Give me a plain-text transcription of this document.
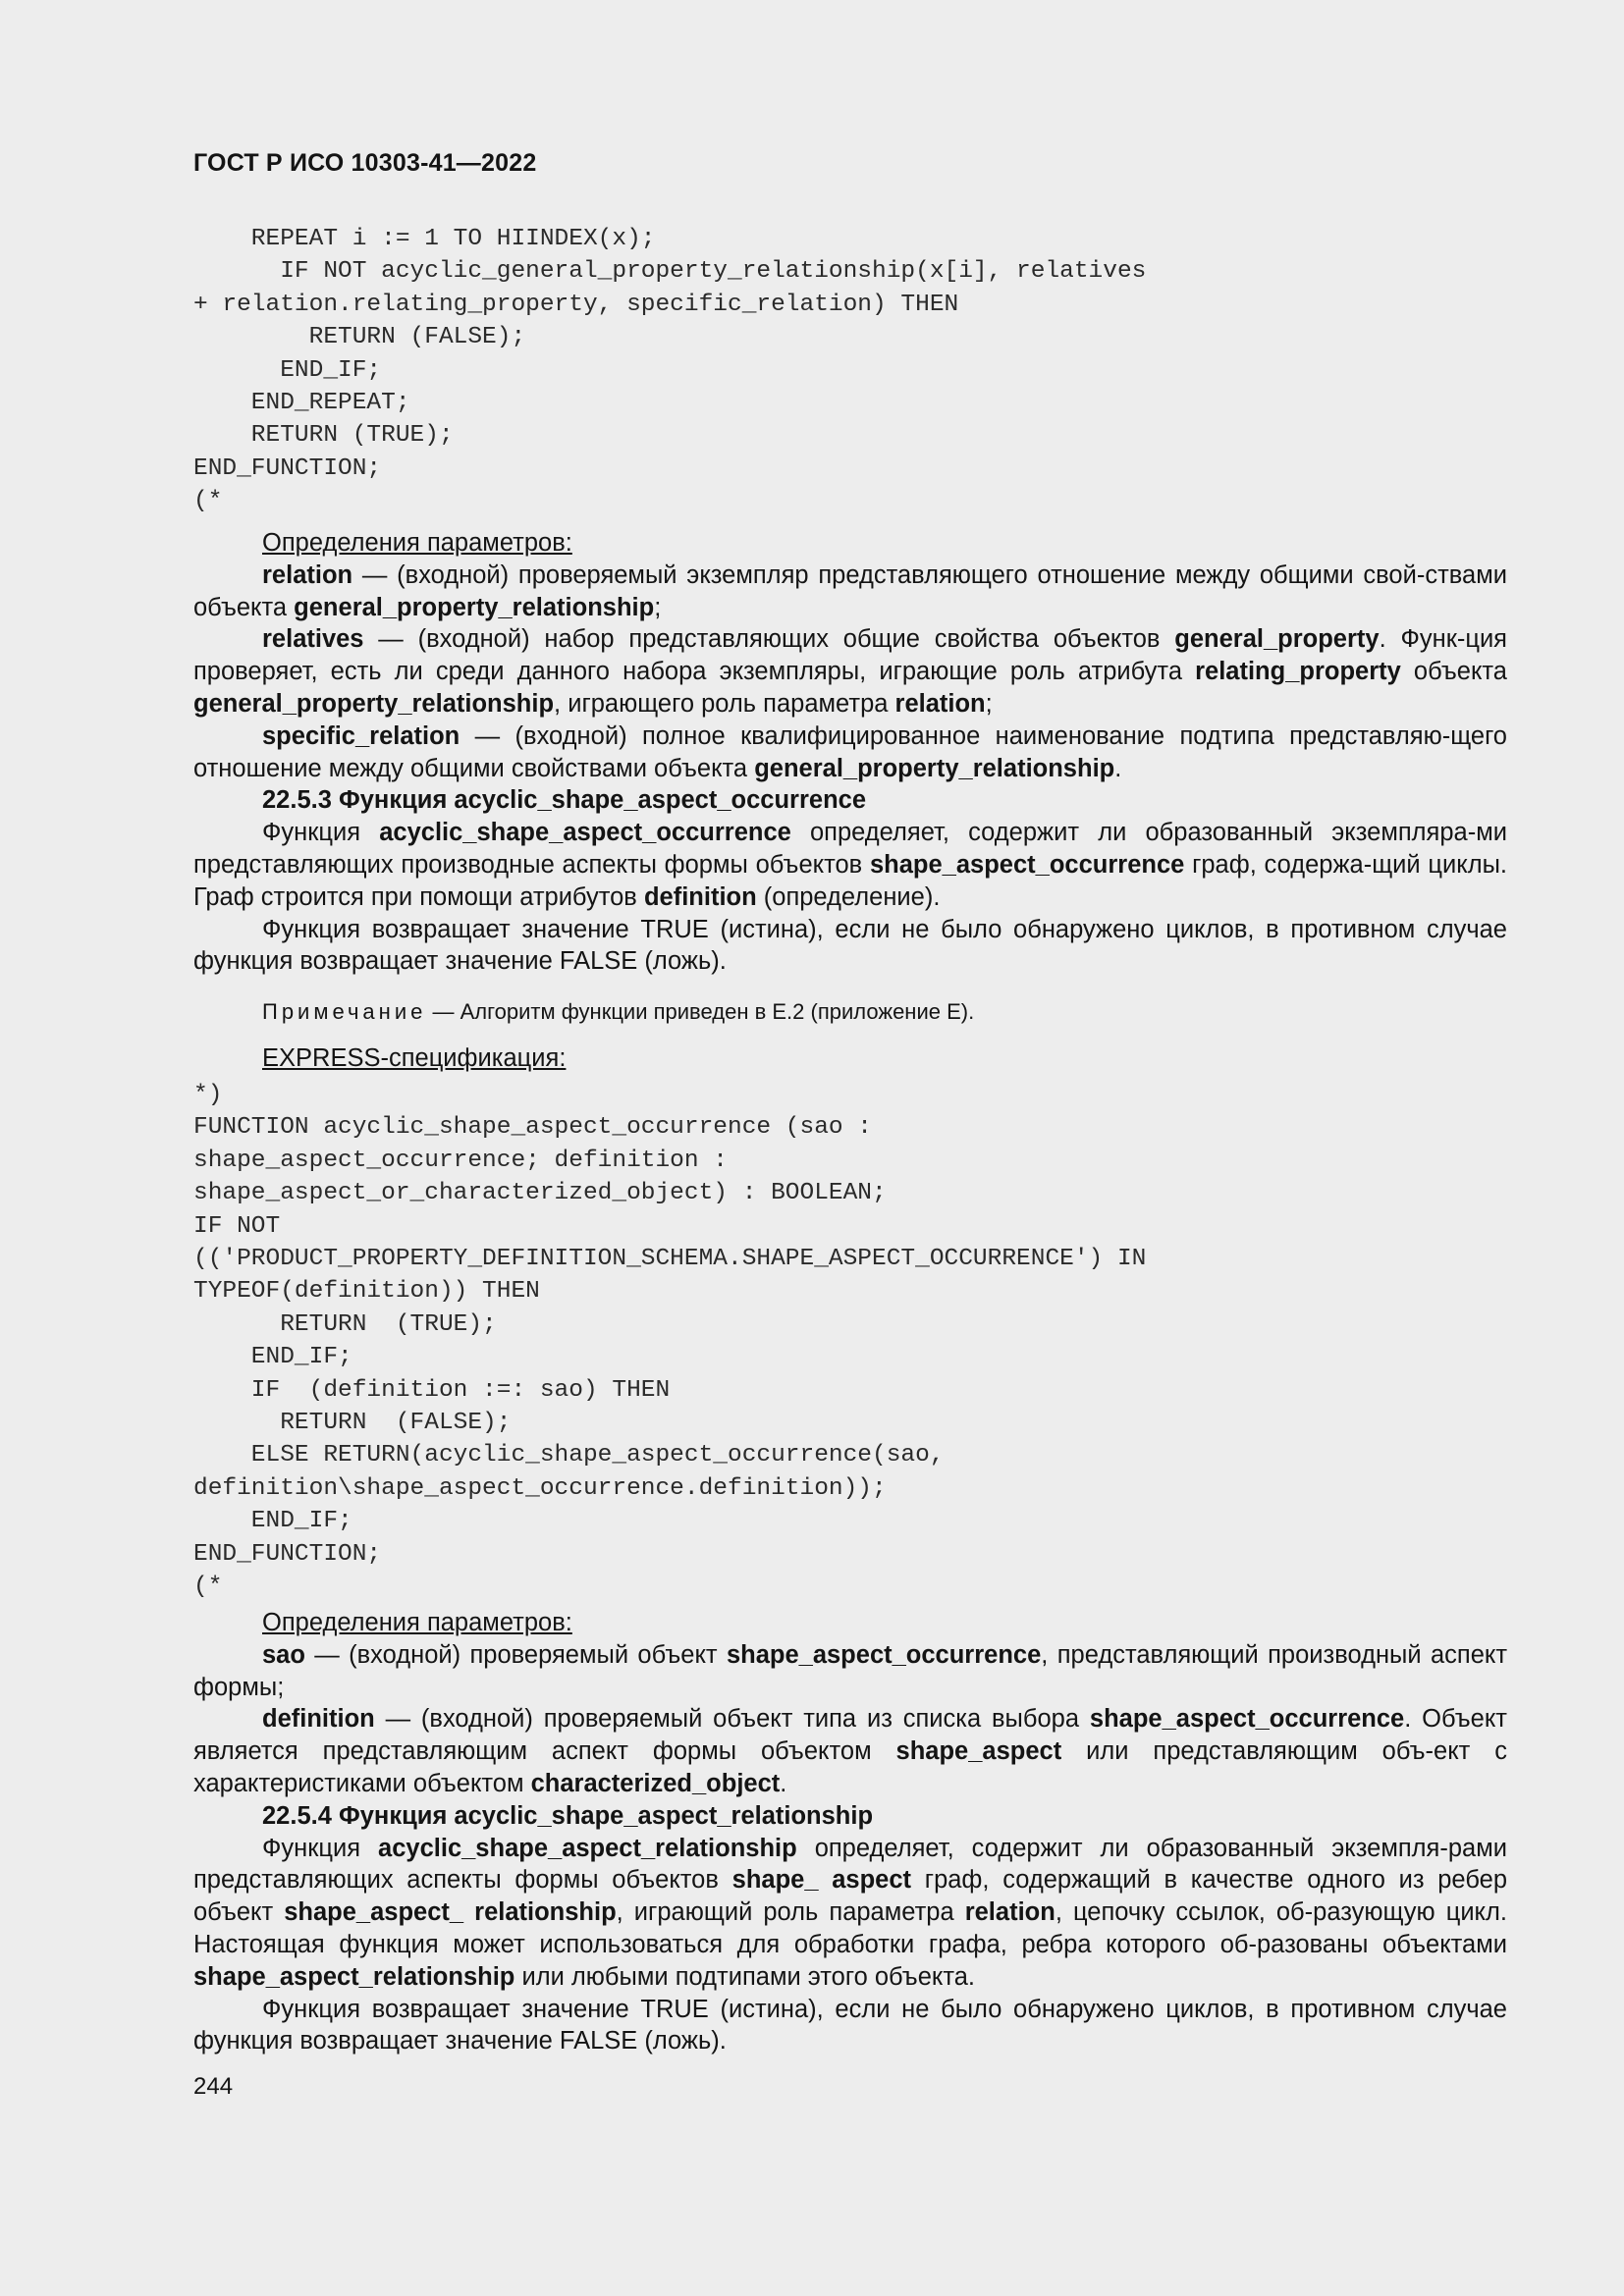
ГОСТ Р ИСО 10303-41—2022
REPEAT i := 1 TO HIINDEX(x);
IF NOT acyclic_general_property_relationship(x[i], relatives
+ relation.relating_property, specific_relation) THEN
RETURN (FALSE);
END_IF;
END_REPEAT;
RETURN (TRUE);
END_FUNCTION;
(*

Определения параметров:

relation — (входной) проверяемый экземпляр представляющего отношение между общими свой-ствами объекта general_property_relationship;

relatives — (входной) набор представляющих общие свойства объектов general_property. Функ-ция проверяет, есть ли среди данного набора экземпляры, играющие роль атрибута relating_property объекта general_property_relationship, играющего роль параметра relation;

specific_relation — (входной) полное квалифицированное наименование подтипа представляю-щего отношение между общими свойствами объекта general_property_relationship.

22.5.3 Функция acyclic_shape_aspect_occurrence

Функция acyclic_shape_aspect_occurrence определяет, содержит ли образованный экземпляра-ми представляющих производные аспекты формы объектов shape_aspect_occurrence граф, содержа-щий циклы. Граф строится при помощи атрибутов definition (определение).

Функция возвращает значение TRUE (истина), если не было обнаружено циклов, в противном случае функция возвращает значение FALSE (ложь).

Примечание — Алгоритм функции приведен в Е.2 (приложение Е).

EXPRESS-спецификация:

*)
FUNCTION acyclic_shape_aspect_occurrence (sao :
shape_aspect_occurrence; definition :
shape_aspect_or_characterized_object) : BOOLEAN;
IF NOT
(('PRODUCT_PROPERTY_DEFINITION_SCHEMA.SHAPE_ASPECT_OCCURRENCE') IN
TYPEOF(definition)) THEN
RETURN  (TRUE);
END_IF;
IF  (definition :=: sao) THEN
RETURN  (FALSE);
ELSE RETURN(acyclic_shape_aspect_occurrence(sao,
definition\shape_aspect_occurrence.definition));
END_IF;
END_FUNCTION;
(*

Определения параметров:

sao — (входной) проверяемый объект shape_aspect_occurrence, представляющий производный аспект формы;

definition — (входной) проверяемый объект типа из списка выбора shape_aspect_occurrence. Объект является представляющим аспект формы объектом shape_aspect или представляющим объ-ект с характеристиками объектом characterized_object.

22.5.4 Функция acyclic_shape_aspect_relationship

Функция acyclic_shape_aspect_relationship определяет, содержит ли образованный экземпля-рами представляющих аспекты формы объектов shape_ aspect граф, содержащий в качестве одного из ребер объект shape_aspect_ relationship, играющий роль параметра relation, цепочку ссылок, об-разующую цикл. Настоящая функция может использоваться для обработки графа, ребра которого об-разованы объектами shape_aspect_relationship или любыми подтипами этого объекта.

Функция возвращает значение TRUE (истина), если не было обнаружено циклов, в противном случае функция возвращает значение FALSE (ложь).

244
